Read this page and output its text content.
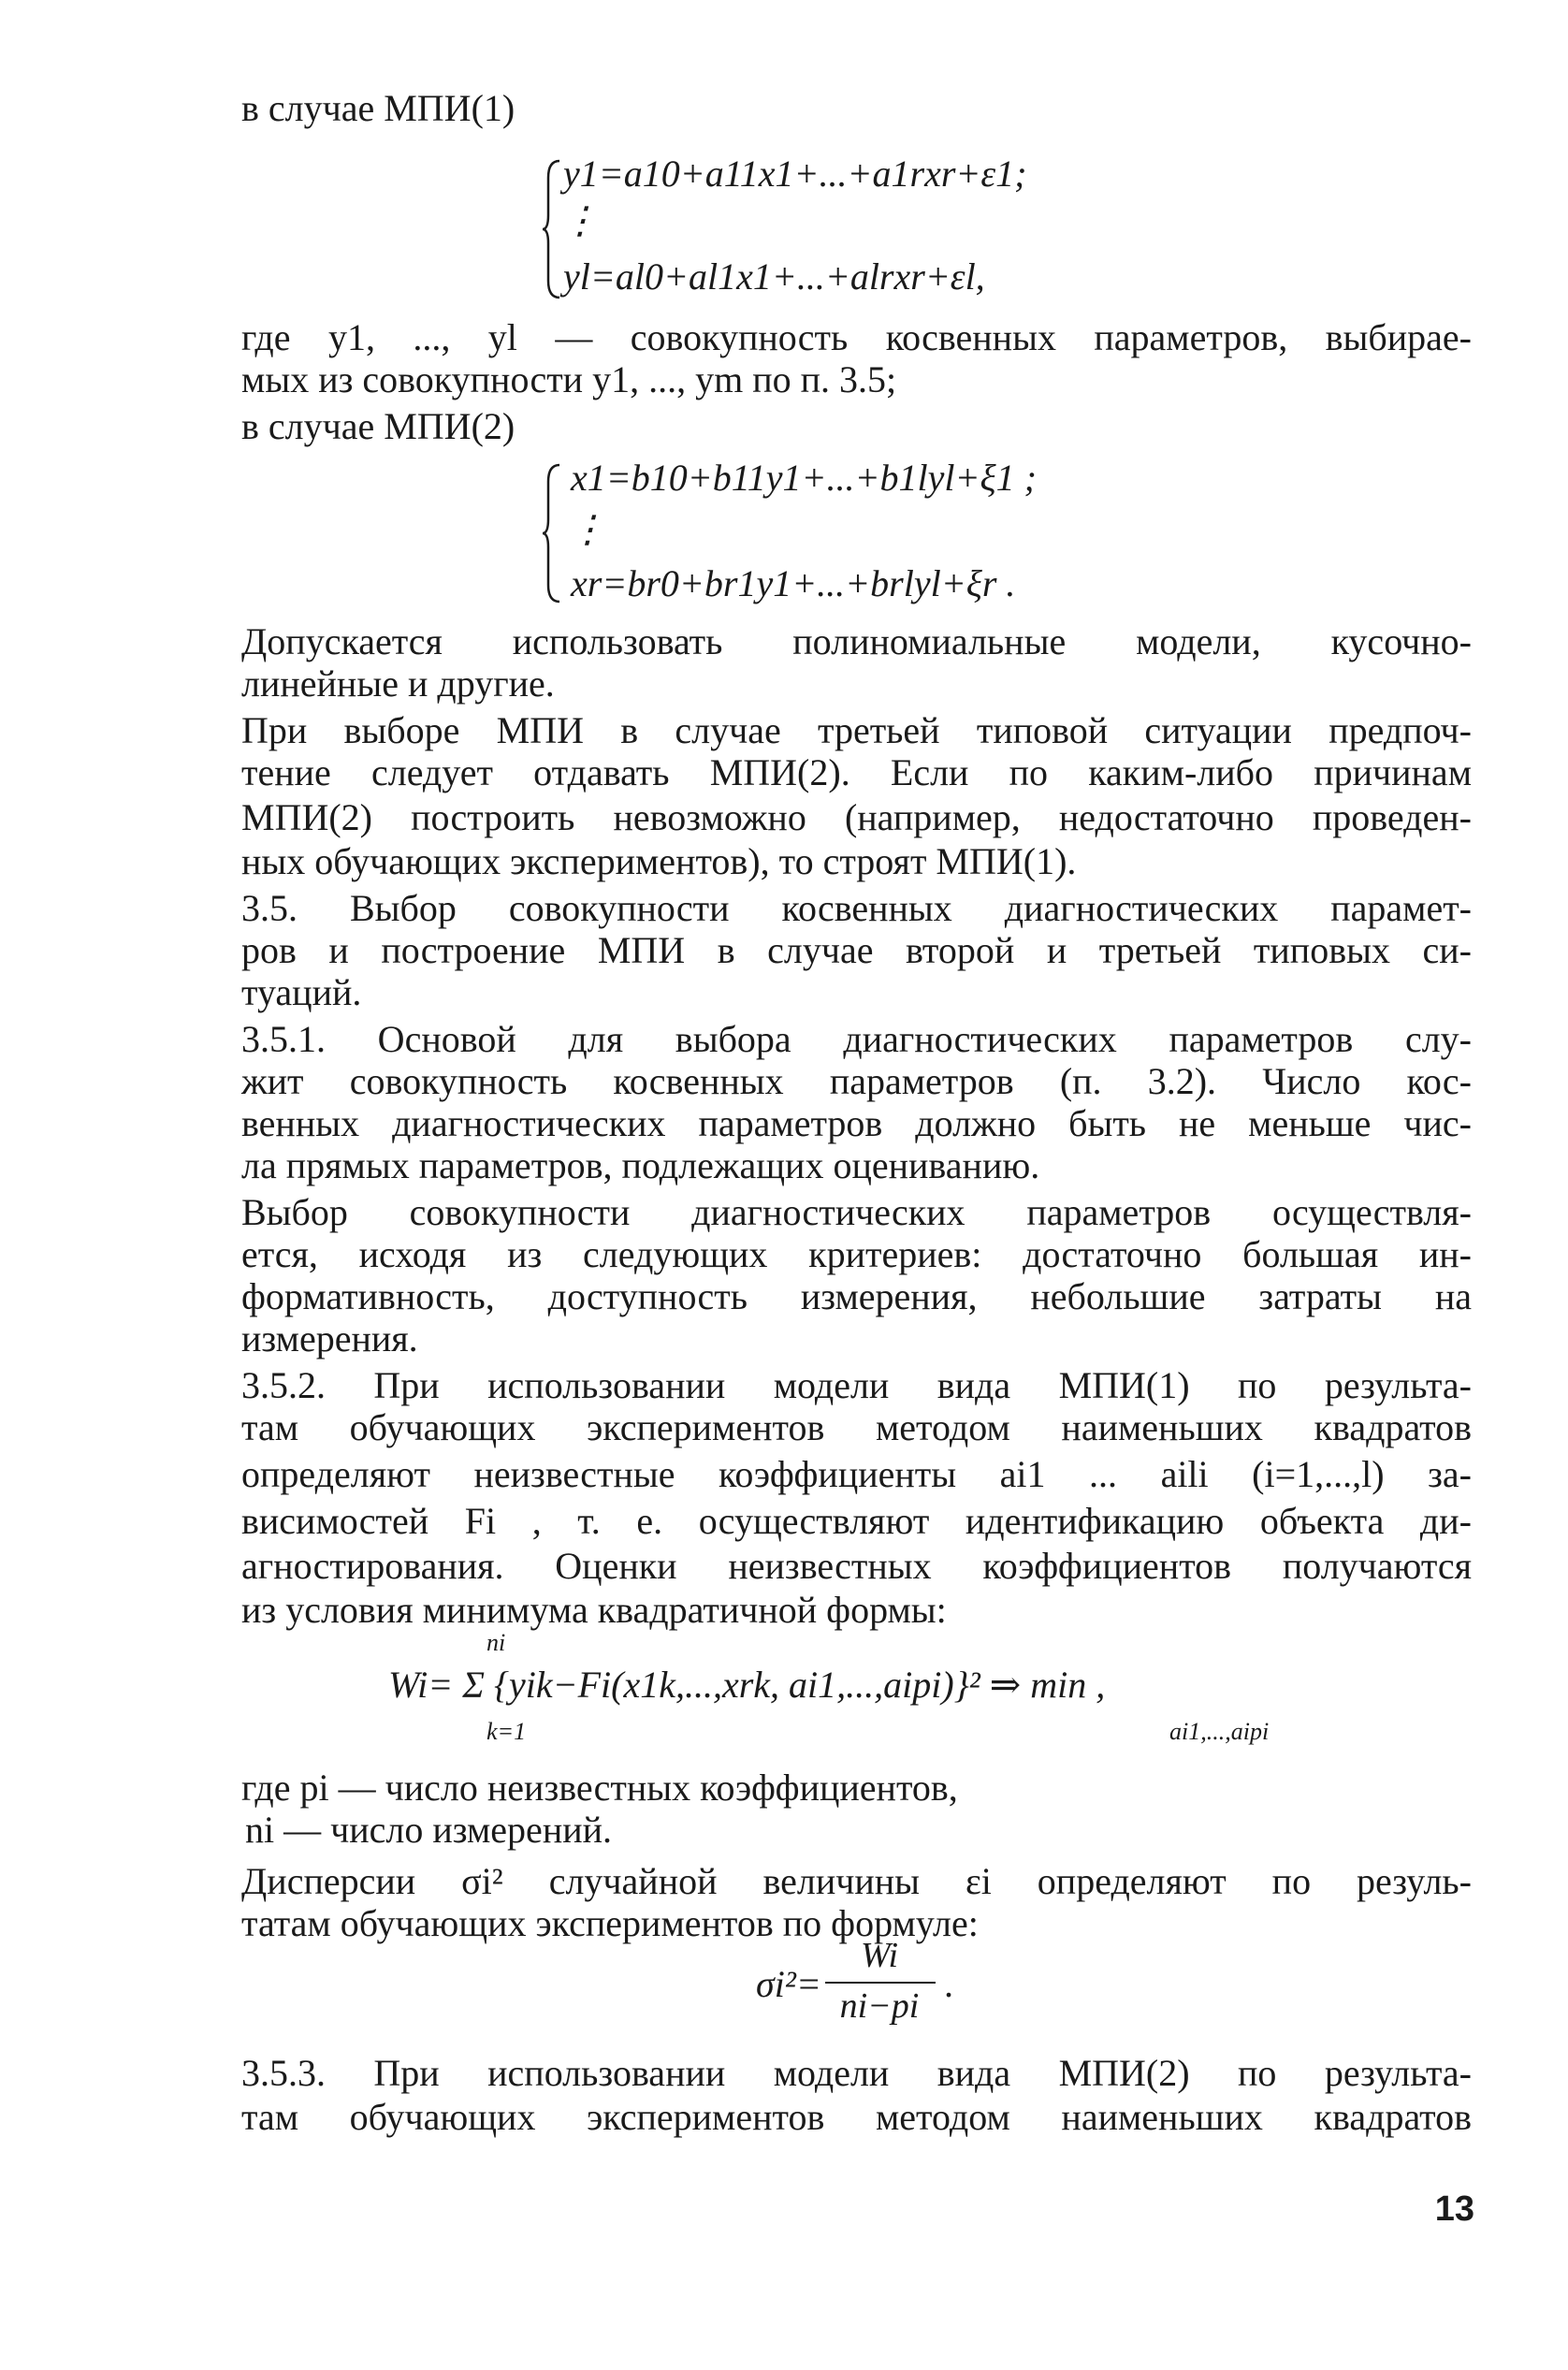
в случае МПИ(1)
y1=a10+a11x1+...+a1rxr+ε1;
⋮
yl=al0+al1x1+...+alrxr+εl,
где y1, ..., yl — совокупность косвенных параметров, выбирае-
мых из совокупности y1, ..., ym по п. 3.5;
в случае МПИ(2)
x1=b10+b11y1+...+b1lyl+ξ1 ;
⋮
xr=br0+br1y1+...+brlyl+ξr .
Допускается использовать полиномиальные модели, кусочно-
линейные и другие.
При выборе МПИ в случае третьей типовой ситуации предпоч-
тение следует отдавать МПИ(2). Если по каким-либо причинам
МПИ(2) построить невозможно (например, недостаточно проведен-
ных обучающих экспериментов), то строят МПИ(1).
3.5. Выбор совокупности косвенных диагностических парамет-
ров и построение МПИ в случае второй и третьей типовых си-
туаций.
3.5.1. Основой для выбора диагностических параметров слу-
жит совокупность косвенных параметров (п. 3.2). Число кос-
венных диагностических параметров должно быть не меньше чис-
ла прямых параметров, подлежащих оцениванию.
Выбор совокупности диагностических параметров осуществля-
ется, исходя из следующих критериев: достаточно большая ин-
формативность, доступность измерения, небольшие затраты на
измерения.
3.5.2. При использовании модели вида МПИ(1) по результа-
там обучающих экспериментов методом наименьших квадратов
определяют неизвестные коэффициенты ai1 ... aili (i=1,...,l) за-
висимостей Fi , т. е. осуществляют идентификацию объекта ди-
агностирования. Оценки неизвестных коэффициентов получаются
из условия минимума квадратичной формы:
ni
Wi= Σ {yik−Fi(x1k,...,xrk, ai1,...,aipi)}² ⇒ min ,
k=1	ai1,...,aipi
где pi — число неизвестных коэффициентов,
ni — число измерений.
Дисперсии σi² случайной величины εi определяют по резуль-
татам обучающих экспериментов по формуле:
σi²=
Wi
ni−pi
.
3.5.3. При использовании модели вида МПИ(2) по результа-
там обучающих экспериментов методом наименьших квадратов
13
